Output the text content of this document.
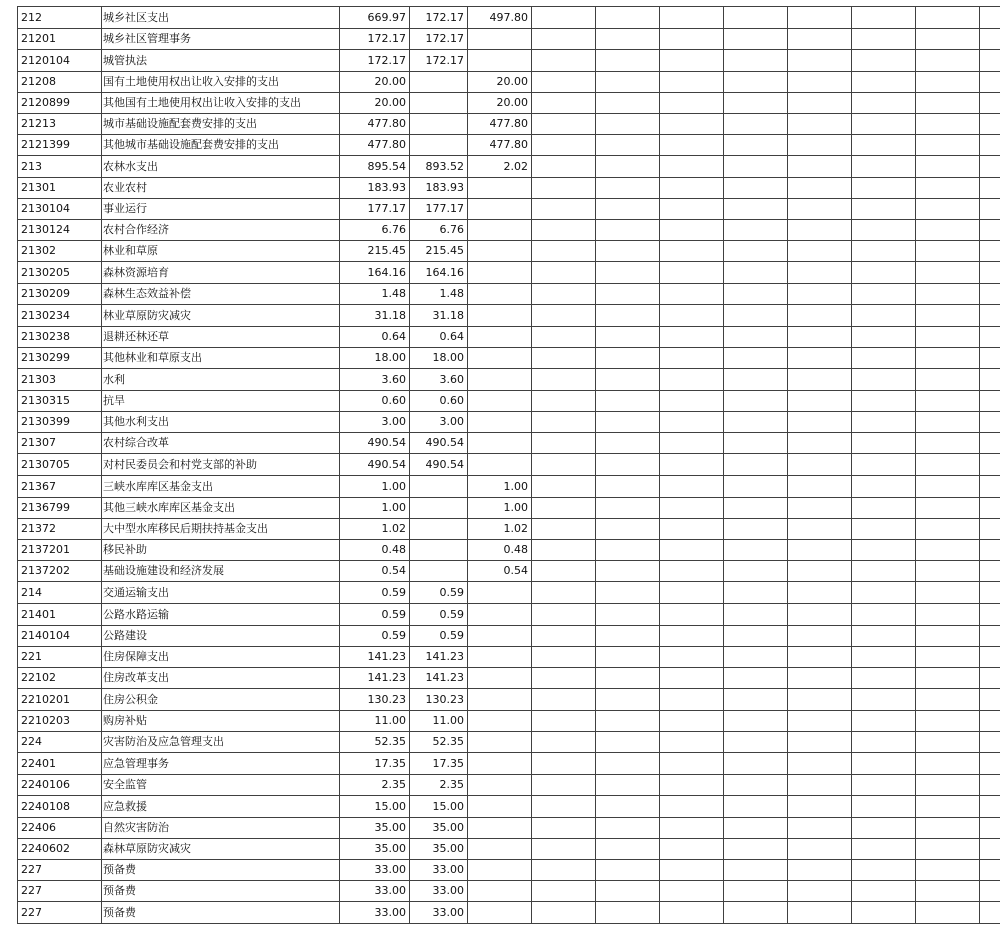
212	城乡社区支出	669.97	172.17	497.80								
21201	城乡社区管理事务	172.17	172.17									
2120104	城管执法	172.17	172.17									
21208	国有土地使用权出让收入安排的支出	20.00		20.00								
2120899	其他国有土地使用权出让收入安排的支出	20.00		20.00								
21213	城市基础设施配套费安排的支出	477.80		477.80								
2121399	其他城市基础设施配套费安排的支出	477.80		477.80								
213	农林水支出	895.54	893.52	2.02								
21301	农业农村	183.93	183.93									
2130104	事业运行	177.17	177.17									
2130124	农村合作经济	6.76	6.76									
21302	林业和草原	215.45	215.45									
2130205	森林资源培育	164.16	164.16									
2130209	森林生态效益补偿	1.48	1.48									
2130234	林业草原防灾减灾	31.18	31.18									
2130238	退耕还林还草	0.64	0.64									
2130299	其他林业和草原支出	18.00	18.00									
21303	水利	3.60	3.60									
2130315	抗旱	0.60	0.60									
2130399	其他水利支出	3.00	3.00									
21307	农村综合改革	490.54	490.54									
2130705	对村民委员会和村党支部的补助	490.54	490.54									
21367	三峡水库库区基金支出	1.00		1.00								
2136799	其他三峡水库库区基金支出	1.00		1.00								
21372	大中型水库移民后期扶持基金支出	1.02		1.02								
2137201	移民补助	0.48		0.48								
2137202	基础设施建设和经济发展	0.54		0.54								
214	交通运输支出	0.59	0.59									
21401	公路水路运输	0.59	0.59									
2140104	公路建设	0.59	0.59									
221	住房保障支出	141.23	141.23									
22102	住房改革支出	141.23	141.23									
2210201	住房公积金	130.23	130.23									
2210203	购房补贴	11.00	11.00									
224	灾害防治及应急管理支出	52.35	52.35									
22401	应急管理事务	17.35	17.35									
2240106	安全监管	2.35	2.35									
2240108	应急救援	15.00	15.00									
22406	自然灾害防治	35.00	35.00									
2240602	森林草原防灾减灾	35.00	35.00									
227	预备费	33.00	33.00									
227	预备费	33.00	33.00									
227	预备费	33.00	33.00									
